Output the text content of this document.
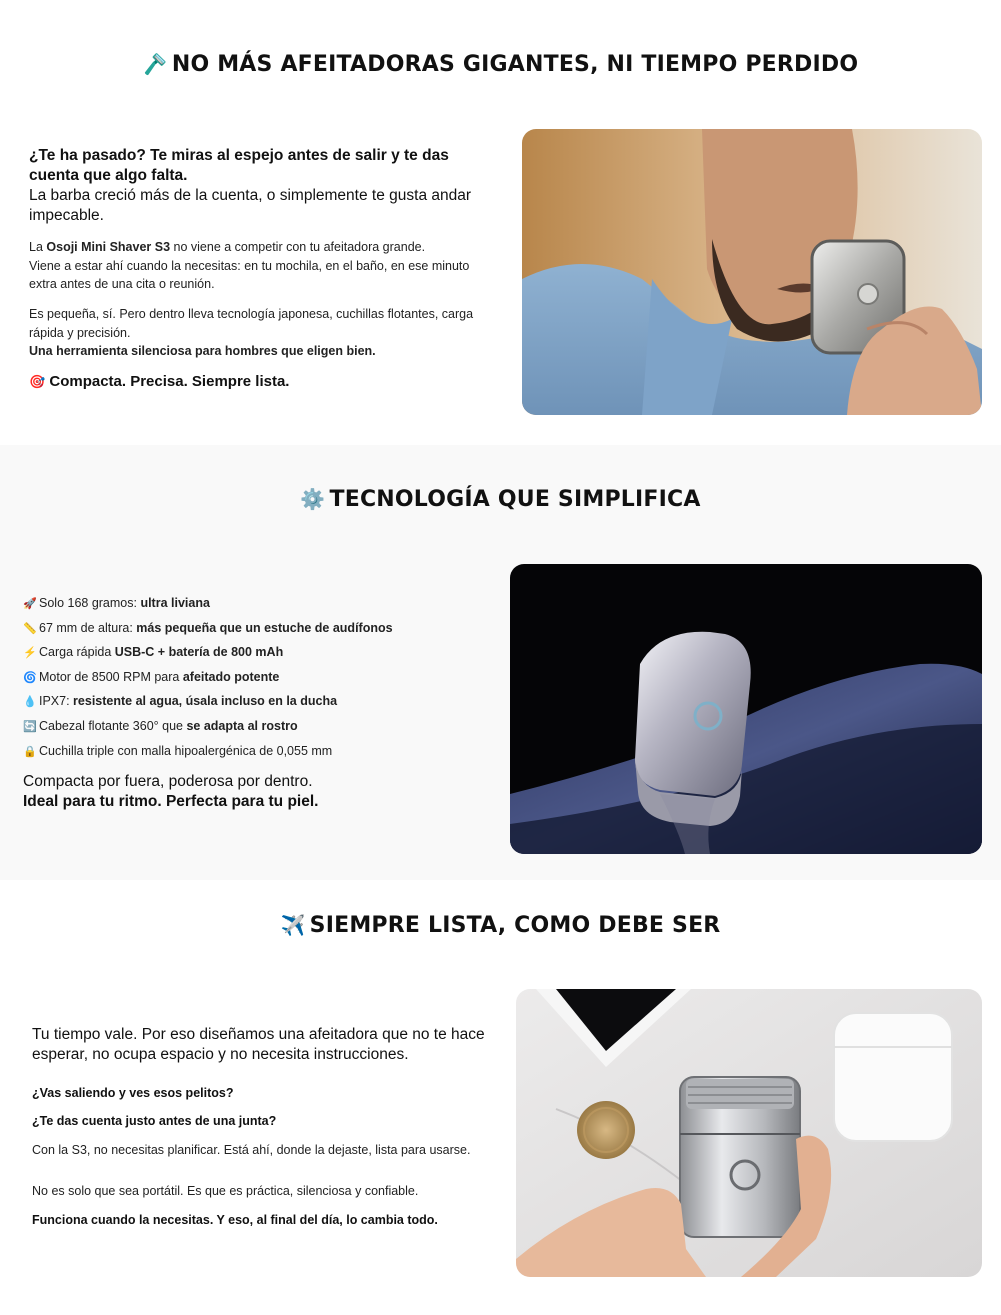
🪒 NO MÁS AFEITADORAS GIGANTES, NI TIEMPO PERDIDO
¿Te ha pasado? Te miras al espejo antes de salir y te das cuenta que algo falta.
La barba creció más de la cuenta, o simplemente te gusta andar impecable.
La Osoji Mini Shaver S3 no viene a competir con tu afeitadora grande.
Viene a estar ahí cuando la necesitas: en tu mochila, en el baño, en ese minuto extra antes de una cita o reunión.
Es pequeña, sí. Pero dentro lleva tecnología japonesa, cuchillas flotantes, carga rápida y precisión.
Una herramienta silenciosa para hombres que eligen bien.
🎯 Compacta. Precisa. Siempre lista.
⚙️ TECNOLOGÍA QUE SIMPLIFICA
🚀 Solo 168 gramos: ultra liviana
📏 67 mm de altura: más pequeña que un estuche de audífonos
⚡ Carga rápida USB-C + batería de 800 mAh
🌀 Motor de 8500 RPM para afeitado potente
💧 IPX7: resistente al agua, úsala incluso en la ducha
🔄 Cabezal flotante 360° que se adapta al rostro
🔒 Cuchilla triple con malla hipoalergénica de 0,055 mm
Compacta por fuera, poderosa por dentro.
Ideal para tu ritmo. Perfecta para tu piel.
✈️ SIEMPRE LISTA, COMO DEBE SER
Tu tiempo vale. Por eso diseñamos una afeitadora que no te hace esperar, no ocupa espacio y no necesita instrucciones.
¿Vas saliendo y ves esos pelitos?
¿Te das cuenta justo antes de una junta?
Con la S3, no necesitas planificar. Está ahí, donde la dejaste, lista para usarse.
No es solo que sea portátil. Es que es práctica, silenciosa y confiable.
Funciona cuando la necesitas. Y eso, al final del día, lo cambia todo.
